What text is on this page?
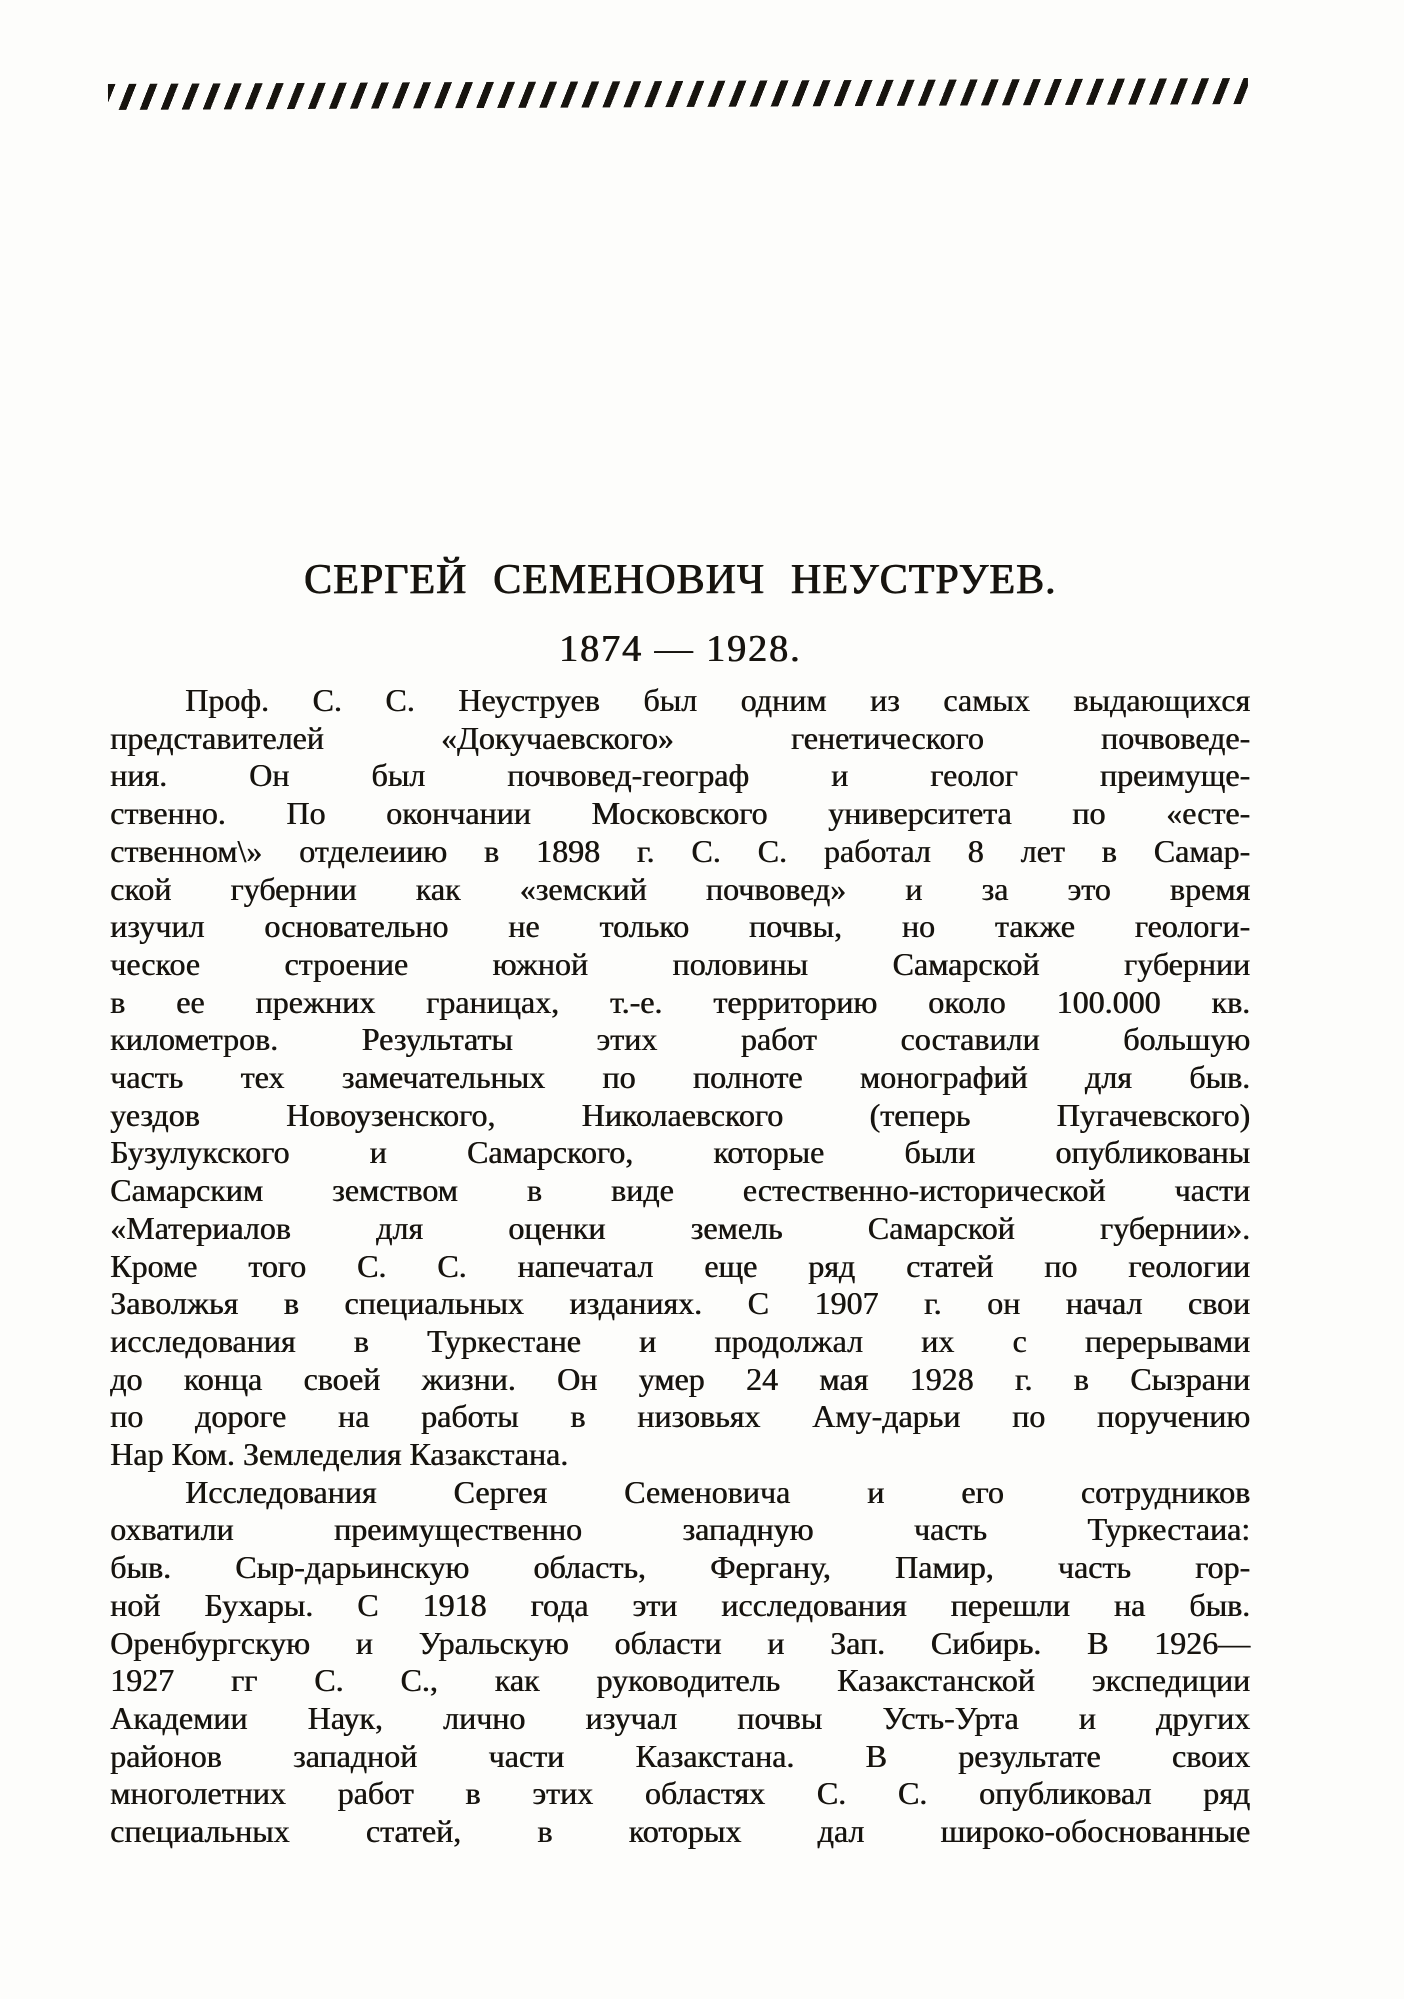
СЕРГЕЙ СЕМЕНОВИЧ НЕУСТРУЕВ.
1874 — 1928.
Проф. С. С. Неуструев был одним из самых выдающихся
представителей «Докучаевского» генетического почвоведе-
ния. Он был почвовед-географ и геолог преимуще-
ственно. По окончании Московского университета по «есте-
ственном\» отделеиию в 1898 г. С. С. работал 8 лет в Самар-
ской губернии как «земский почвовед» и за это время
изучил основательно не только почвы, но также геологи-
ческое строение южной половины Самарской губернии
в ее прежних границах, т.-е. территорию около 100.000 кв.
километров. Результаты этих работ составили большую
часть тех замечательных по полноте монографий для быв.
уездов Новоузенского, Николаевского (теперь Пугачевского)
Бузулукского и Самарского, которые были опубликованы
Самарским земством в виде естественно-исторической части
«Материалов для оценки земель Самарской губернии».
Кроме того С. С. напечатал еще ряд статей по геологии
Заволжья в специальных изданиях. С 1907 г. он начал свои
исследования в Туркестане и продолжал их с перерывами
до конца своей жизни. Он умер 24 мая 1928 г. в Сызрани
по дороге на работы в низовьях Аму-дарьи по поручению
Нар Ком. Земледелия Казакстана.
Исследования Сергея Семеновича и его сотрудников
охватили преимущественно западную часть Туркестаиа:
быв. Сыр-дарьинскую область, Фергану, Памир, часть гор-
ной Бухары. С 1918 года эти исследования перешли на быв.
Оренбургскую и Уральскую области и Зап. Сибирь. В 1926—
1927 гг С. С., как руководитель Казакстанской экспедиции
Академии Наук, лично изучал почвы Усть-Урта и других
районов западной части Казакстана. В результате своих
многолетних работ в этих областях С. С. опубликовал ряд
специальных статей, в которых дал широко-обоснованные
